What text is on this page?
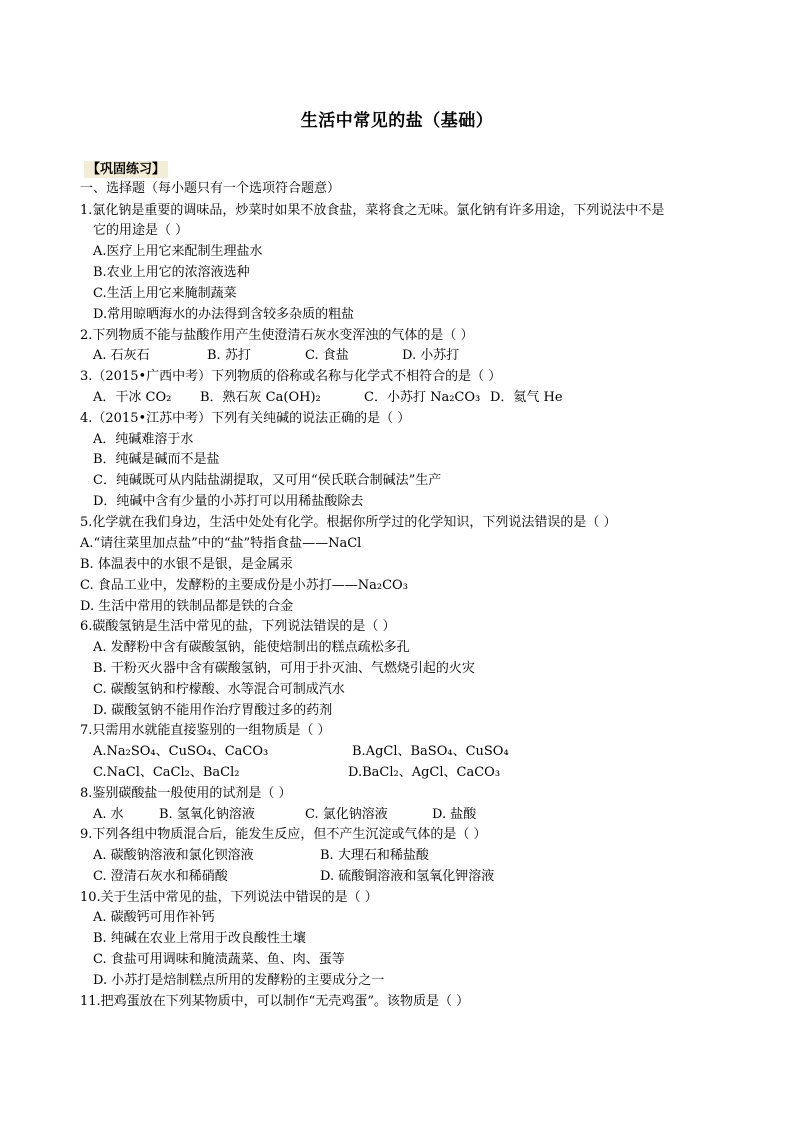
生活中常见的盐（基础）
【巩固练习】
一、选择题（每小题只有一个选项符合题意）
1.氯化钠是重要的调味品，炒菜时如果不放食盐，菜将食之无味。氯化钠有许多用途，下列说法中不是
它的用途是（ ）
A.医疗上用它来配制生理盐水
B.农业上用它的浓溶液选种
C.生活上用它来腌制蔬菜
D.常用晾晒海水的办法得到含较多杂质的粗盐
2.下列物质不能与盐酸作用产生使澄清石灰水变浑浊的气体的是（ ）
A. 石灰石	B. 苏打	C. 食盐	D. 小苏打
3.（2015•广西中考）下列物质的俗称或名称与化学式不相符合的是（ ）
A．干冰 CO₂ B．熟石灰 Ca(OH)₂	C．小苏打 Na₂CO₃ D．氦气 He
4.（2015•江苏中考）下列有关纯碱的说法正确的是（ ）
A．纯碱难溶于水
B．纯碱是碱而不是盐
C．纯碱既可从内陆盐湖提取，又可用“侯氏联合制碱法”生产
D．纯碱中含有少量的小苏打可以用稀盐酸除去
5.化学就在我们身边，生活中处处有化学。根据你所学过的化学知识，下列说法错误的是（ ）
A.“请往菜里加点盐”中的“盐”特指食盐——NaCl
B. 体温表中的水银不是银，是金属汞
C. 食品工业中，发酵粉的主要成份是小苏打——Na₂CO₃
D. 生活中常用的铁制品都是铁的合金
6.碳酸氢钠是生活中常见的盐，下列说法错误的是（ ）
A. 发酵粉中含有碳酸氢钠，能使焙制出的糕点疏松多孔
B. 干粉灭火器中含有碳酸氢钠，可用于扑灭油、气燃烧引起的火灾
C. 碳酸氢钠和柠檬酸、水等混合可制成汽水
D. 碳酸氢钠不能用作治疗胃酸过多的药剂
7.只需用水就能直接鉴别的一组物质是（ ）
A.Na₂SO₄、CuSO₄、CaCO₃	B.AgCl、BaSO₄、CuSO₄
C.NaCl、CaCl₂、BaCl₂	D.BaCl₂、AgCl、CaCO₃
8.鉴别碳酸盐一般使用的试剂是（ ）
A. 水	B. 氢氧化钠溶液	C. 氯化钠溶液	D. 盐酸
9.下列各组中物质混合后，能发生反应，但不产生沉淀或气体的是（ ）
A. 碳酸钠溶液和氯化钡溶液	B. 大理石和稀盐酸
C. 澄清石灰水和稀硝酸	D. 硫酸铜溶液和氢氧化钾溶液
10.关于生活中常见的盐，下列说法中错误的是（ ）
A. 碳酸钙可用作补钙
B. 纯碱在农业上常用于改良酸性土壤
C. 食盐可用调味和腌渍蔬菜、鱼、肉、蛋等
D. 小苏打是焙制糕点所用的发酵粉的主要成分之一
11.把鸡蛋放在下列某物质中，可以制作“无壳鸡蛋”。该物质是（ ）
